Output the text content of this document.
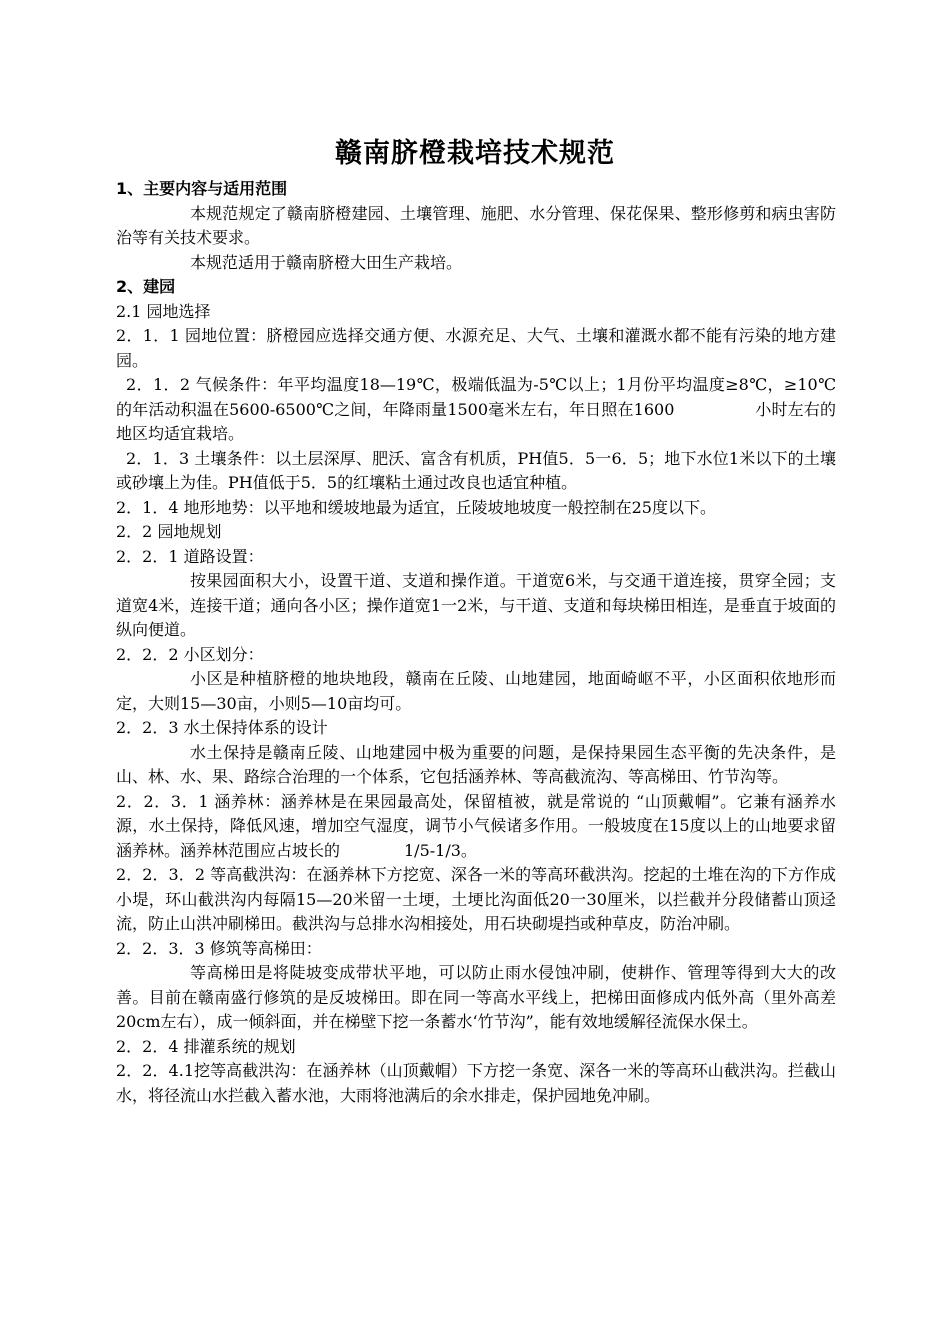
赣南脐橙栽培技术规范

1、主要内容与适用范围

本规范规定了赣南脐橙建园、土壤管理、施肥、水分管理、保花保果、整形修剪和病虫害防治等有关技术要求。

本规范适用于赣南脐橙大田生产栽培。

2、建园

2.1 园地选择

2．1．1 园地位置：脐橙园应选择交通方便、水源充足、大气、土壤和灌溉水都不能有污染的地方建园。

2．1．2 气候条件：年平均温度18—19℃，极端低温为-5℃以上；1月份平均温度≥8℃，≥10℃的年活动积温在5600-6500℃之间，年降雨量1500毫米左右，年日照在1600　　　　　小时左右的地区均适宜栽培。

2．1．3 土壤条件：以土层深厚、肥沃、富含有机质，PH值5．5一6．5；地下水位1米以下的土壤或砂壤上为佳。PH值低于5．5的红壤粘土通过改良也适宜种植。

2．1．4 地形地势：以平地和缓坡地最为适宜，丘陵坡地坡度一般控制在25度以下。

2．2 园地规划

2．2．1 道路设置：

按果园面积大小，设置干道、支道和操作道。干道宽6米，与交通干道连接，贯穿全园；支道宽4米，连接干道；通向各小区；操作道宽1一2米，与干道、支道和每块梯田相连，是垂直于坡面的纵向便道。

2．2．2 小区划分：

小区是种植脐橙的地块地段，赣南在丘陵、山地建园，地面崎岖不平，小区面积依地形而定，大则15—30亩，小则5—10亩均可。

2．2．3 水土保持体系的设计

水土保持是赣南丘陵、山地建园中极为重要的问题，是保持果园生态平衡的先决条件，是山、林、水、果、路综合治理的一个体系，它包括涵养林、等高截流沟、等高梯田、竹节沟等。

2．2．3．1 涵养林：涵养林是在果园最高处，保留植被，就是常说的 “山顶戴帽”。它兼有涵养水源，水土保持，降低风速，增加空气湿度，调节小气候诸多作用。一般坡度在15度以上的山地要求留涵养林。涵养林范围应占坡长的　　　　1/5-1/3。

2．2．3．2 等高截洪沟：在涵养林下方挖宽、深各一米的等高环截洪沟。挖起的土堆在沟的下方作成小堤，环山截洪沟内每隔15—20米留一土埂，土埂比沟面低20一30厘米，以拦截并分段储蓄山顶迳流，防止山洪冲刷梯田。截洪沟与总排水沟相接处，用石块砌堤挡或种草皮，防治冲刷。

2．2．3．3 修筑等高梯田：

等高梯田是将陡坡变成带状平地，可以防止雨水侵蚀冲刷，使耕作、管理等得到大大的改善。目前在赣南盛行修筑的是反坡梯田。即在同一等高水平线上，把梯田面修成内低外高（里外高差20cm左右），成一倾斜面，并在梯壁下挖一条蓄水‘竹节沟”，能有效地缓解径流保水保土。

2．2．4 排灌系统的规划

2．2．4.1挖等高截洪沟：在涵养林（山顶戴帽）下方挖一条宽、深各一米的等高环山截洪沟。拦截山水，将径流山水拦截入蓄水池，大雨将池满后的余水排走，保护园地免冲刷。
